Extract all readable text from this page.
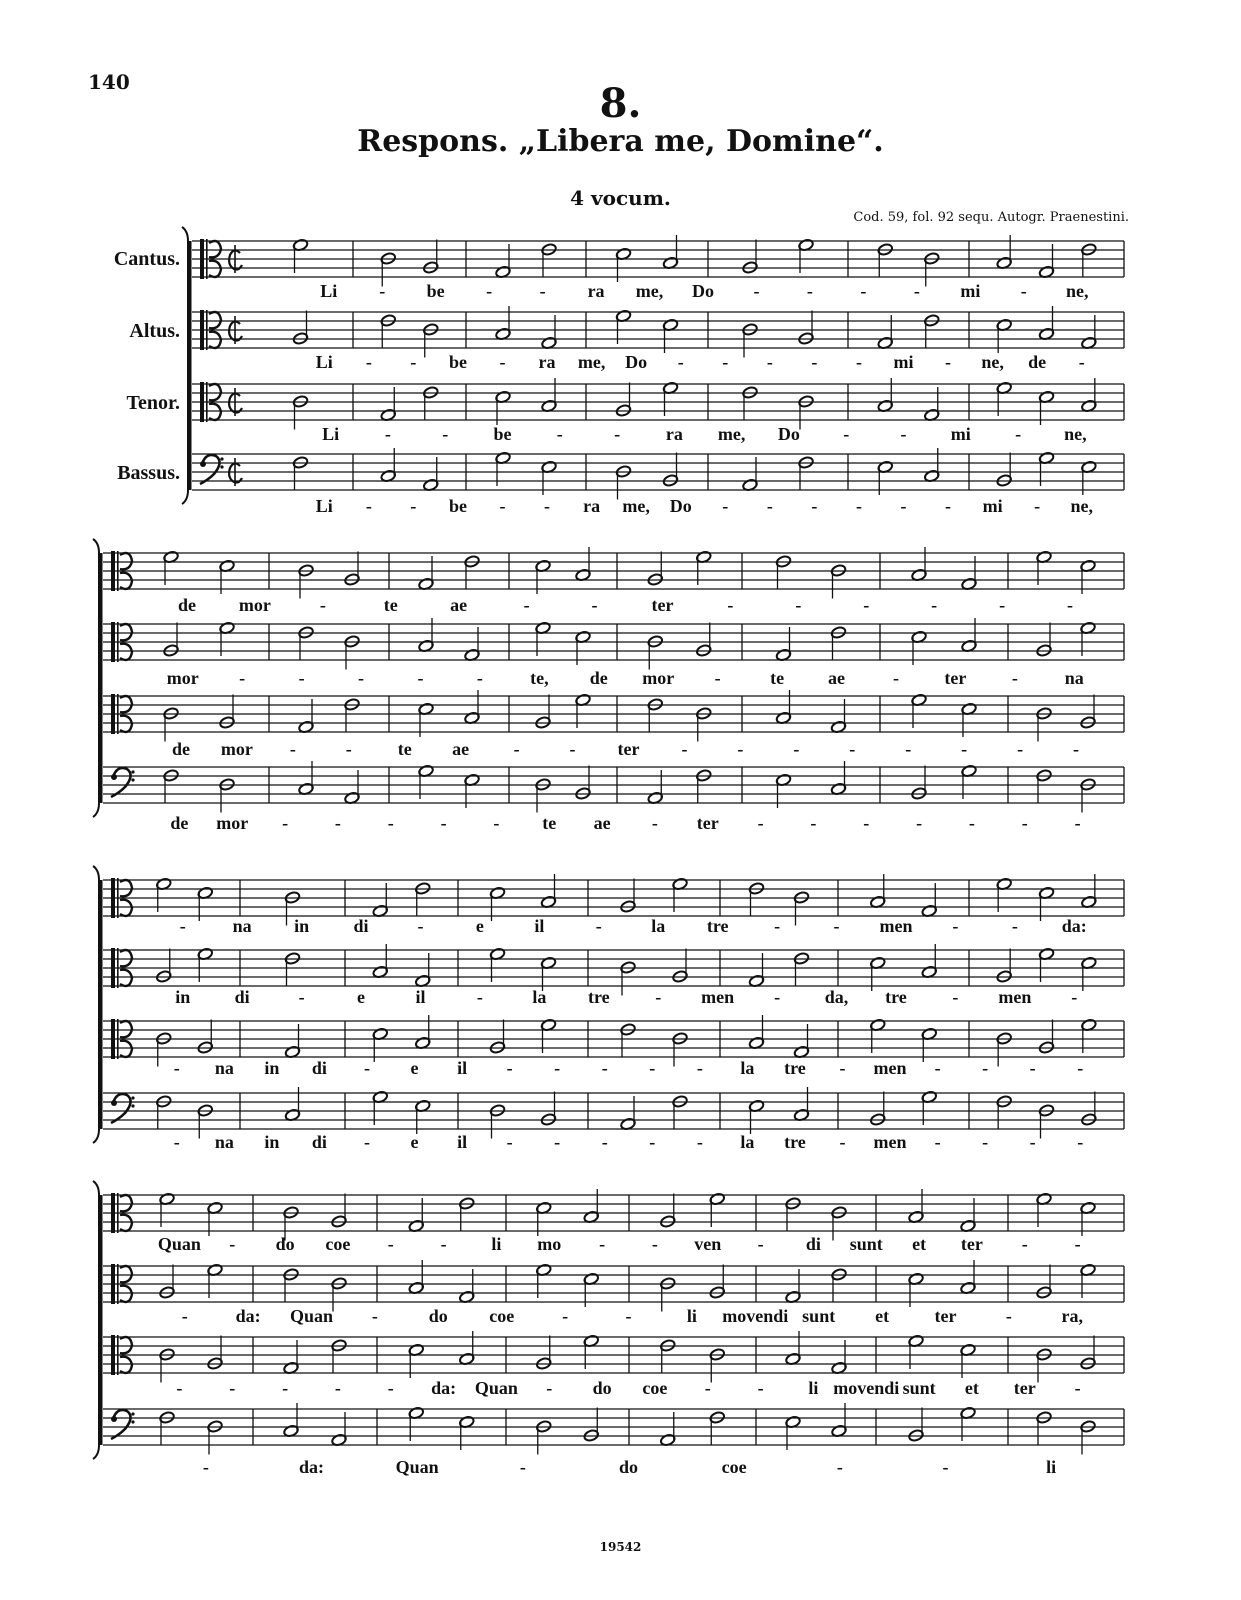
140	8.
Respons. „Libera me, Domine“.
4 vocum.
Cod. 59, fol. 92 sequ. Autogr. Praenestini.
Cantus.
Altus.
Tenor.
Bassus.
Li - be -	- ra me, Do -	-	-	- mi - ne,
Li - - be - ra me, Do - - - - - mi - ne, de -
Li	-	-	be	-	-	ra me, Do -	- mi - ne,
Li - - be - - ra me, Do - - - - - - mi - ne,
de mor	-	te	ae	-	-	ter	-	-	-	-	-	-
mor -	-	-	-	-	te, de mor -	te ae	-	ter	-	na
de mor -	-	te ae -	- ter -	-	-	-	-	-	-	-
de mor -	-	-	-	- te ae - ter -	-	-	-	-	-	-
-	na in di	-	e	il	-	la tre	-	- men -	- da:
in di	-	e	il	-	la tre	- men - da, tre	- men -
- na in di - e il - - - - - la tre - men - - - -
- na in di - e il - - - - - la tre - men - - - -
Quan - do coe -	- li mo -	- ven - di sunt et ter -	-
-	da: Quan -	do coe	-	-	li movendi sunt et	ter	-	ra,
-	-	-	-	- da: Quan - do coe -	- li movendi sunt et ter -
-	da:	Quan	-	do	coe	-	-	li
19542
